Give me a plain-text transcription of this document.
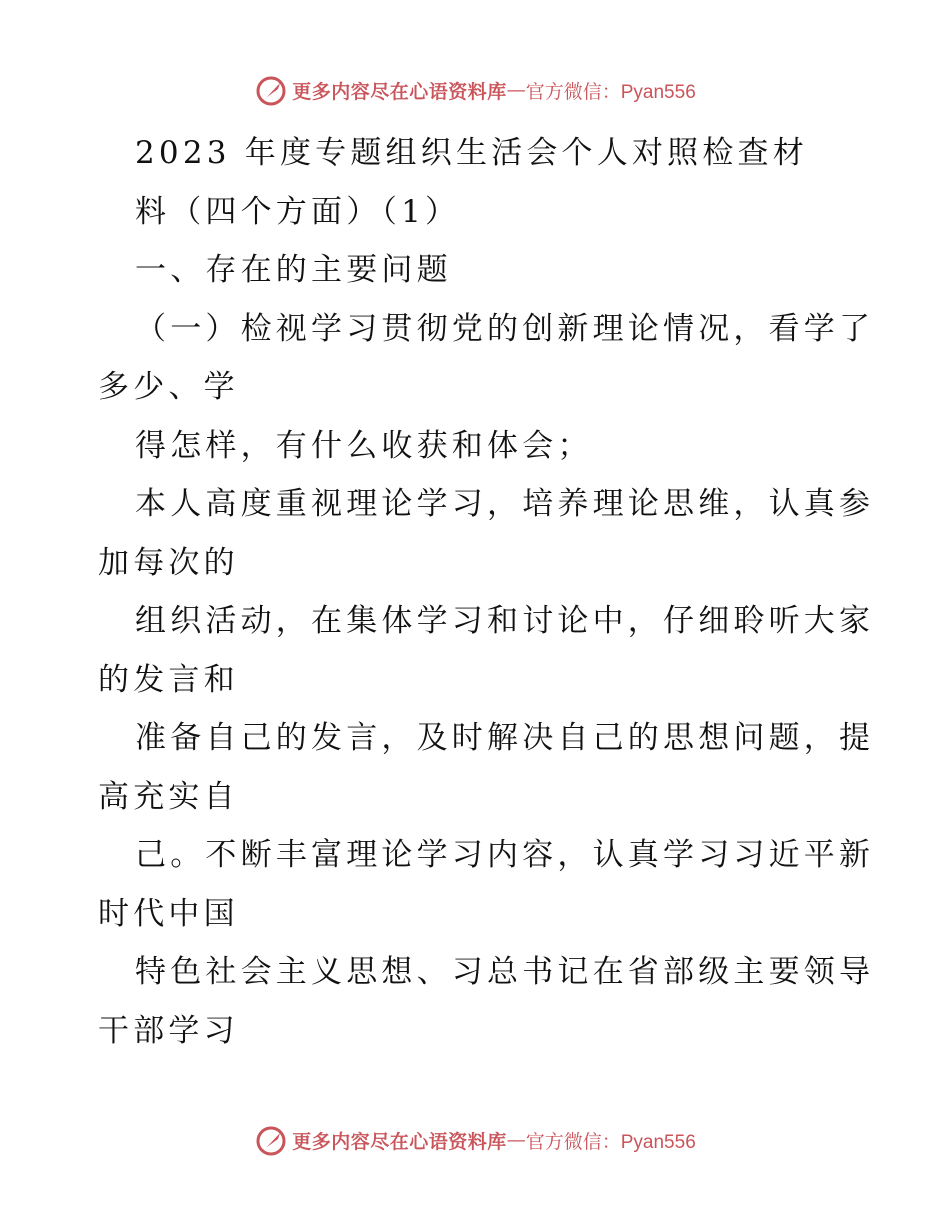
更多内容尽在心语资料库 — 官方微信：Pyan556
2023 年度专题组织生活会个人对照检查材
料（四个方面）（1）
一、存在的主要问题
（一）检视学习贯彻党的创新理论情况，看学了
多少、学
得怎样，有什么收获和体会；
本人高度重视理论学习，培养理论思维，认真参
加每次的
组织活动，在集体学习和讨论中，仔细聆听大家
的发言和
准备自己的发言，及时解决自己的思想问题，提
高充实自
己。不断丰富理论学习内容，认真学习习近平新
时代中国
特色社会主义思想、习总书记在省部级主要领导
干部学习
更多内容尽在心语资料库 — 官方微信：Pyan556
